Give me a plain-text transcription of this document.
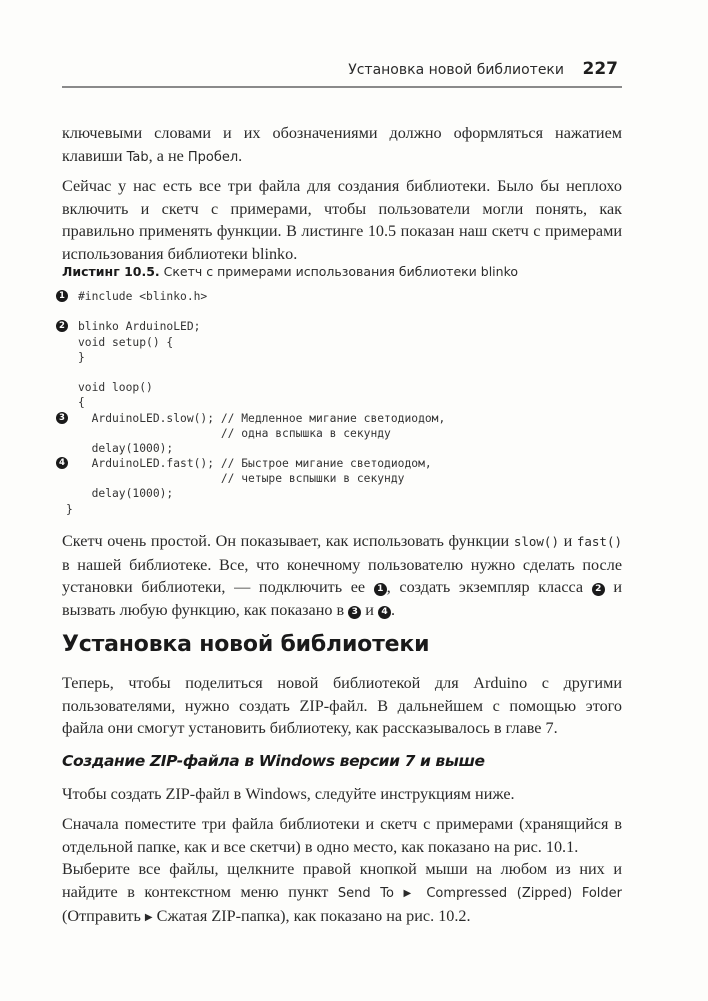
Установка новой библиотеки 227

ключевыми словами и их обозначениями должно оформляться нажатием клавиши Tab, а не Пробел.

Сейчас у нас есть все три файла для создания библиотеки. Было бы неплохо включить и скетч с примерами, чтобы пользователи могли понять, как правильно применять функции. В листинге 10.5 показан наш скетч с примерами использования библиотеки blinko.

Листинг 10.5. Скетч с примерами использования библиотеки blinko
1 #include <blinko.h>
2 blinko ArduinoLED;
void setup() {
}
void loop()
{
3 ArduinoLED.slow(); // Медленное мигание светодиодом,
// одна вспышка в секунду
delay(1000);
4 ArduinoLED.fast(); // Быстрое мигание светодиодом,
// четыре вспышки в секунду
delay(1000);
}

Скетч очень простой. Он показывает, как использовать функции slow() и fast() в нашей библиотеке. Все, что конечному пользователю нужно сделать после установки библиотеки, — подключить ее 1 , создать экземпляр класса 2 и вызвать любую функцию, как показано в 3 и 4 .

Установка новой библиотеки

Теперь, чтобы поделиться новой библиотекой для Arduino с другими пользователями, нужно создать ZIP-файл. В дальнейшем с помощью этого файла они смогут установить библиотеку, как рассказывалось в главе 7.

Создание ZIP-файла в Windows версии 7 и выше

Чтобы создать ZIP-файл в Windows, следуйте инструкциям ниже.

Сначала поместите три файла библиотеки и скетч с примерами (хранящийся в отдельной папке, как и все скетчи) в одно место, как показано на рис. 10.1.

Выберите все файлы, щелкните правой кнопкой мыши на любом из них и найдите в контекстном меню пункт Send To ▶ Compressed (Zipped) Folder (Отправить ▶ Сжатая ZIP-папка), как показано на рис. 10.2.
